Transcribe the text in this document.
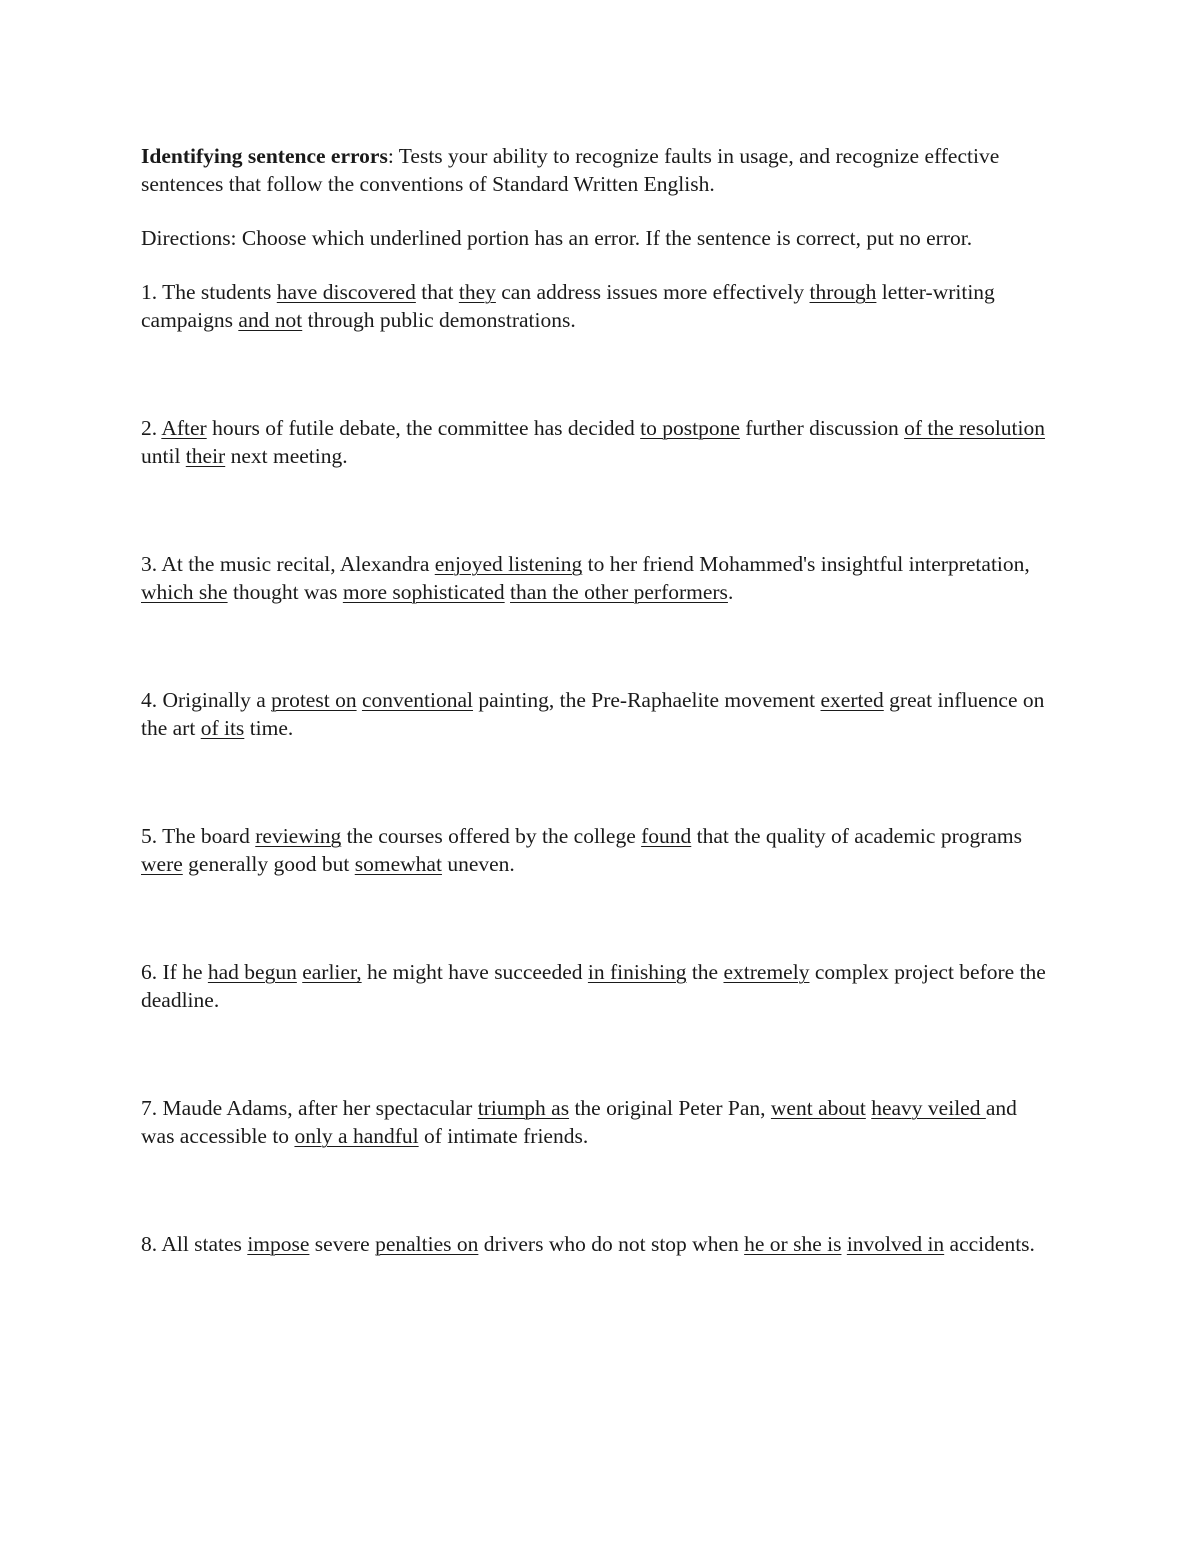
Identifying sentence errors: Tests your ability to recognize faults in usage, and recognize effective sentences that follow the conventions of Standard Written English.

Directions: Choose which underlined portion has an error. If the sentence is correct, put no error.

1. The students have discovered that they can address issues more effectively through letter-writing campaigns and not through public demonstrations.

2. After hours of futile debate, the committee has decided to postpone further discussion of the resolution until their next meeting.

3. At the music recital, Alexandra enjoyed listening to her friend Mohammed's insightful interpretation, which she thought was more sophisticated than the other performers.

4. Originally a protest on conventional painting, the Pre-Raphaelite movement exerted great influence on the art of its time.

5. The board reviewing the courses offered by the college found that the quality of academic programs were generally good but somewhat uneven.

6. If he had begun earlier, he might have succeeded in finishing the extremely complex project before the deadline.

7. Maude Adams, after her spectacular triumph as the original Peter Pan, went about heavy veiled and was accessible to only a handful of intimate friends.

8. All states impose severe penalties on drivers who do not stop when he or she is involved in accidents.
